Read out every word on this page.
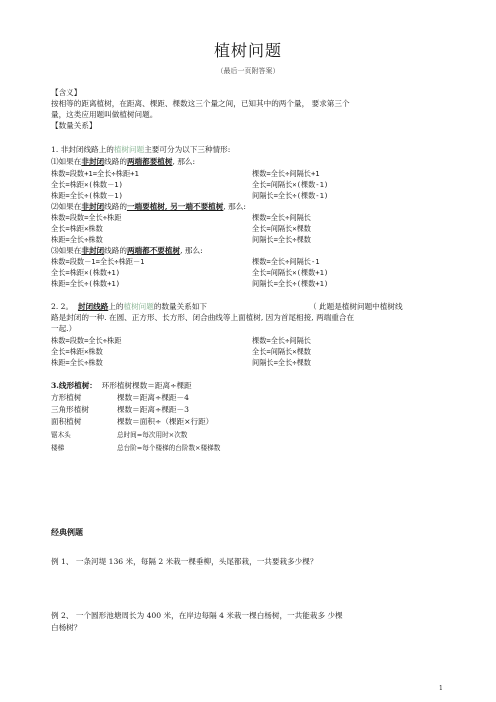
植树问题
（最后一页附答案）
【含义】
按相等的距离植树，在距离、棵距、棵数这三个量之间，已知其中的两个量， 要求第三个
量，这类应用题叫做植树问题。
【数量关系】
1. 非封闭线路上的植树问题主要可分为以下三种情形:
⑴如果在非封闭线路的两端都要植树, 那么:
株数=段数+1=全长÷株距+1	棵数=全长÷间隔长+1
全长=株距×(株数－1)	全长=间隔长×(棵数-1)
株距=全长÷(株数－1)	间隔长=全长÷(棵数-1)
⑵如果在非封闭线路的一端要植树, 另一端不要植树, 那么:
株数=段数=全长÷株距	棵数=全长÷间隔长
全长=株距×株数	全长=间隔长×棵数
株距=全长÷株数	间隔长=全长÷棵数
⑶如果在非封闭线路的两端都不要植树, 那么:
株数=段数－1=全长÷株距－1	棵数=全长÷间隔长-1
全长=株距×(株数+1)	全长=间隔长×(棵数+1)
株距=全长÷(株数+1)	间隔长=全长÷(棵数+1)
2. 2。 封闭线路上的植树问题的数量关系如下	（ 此题是植树问题中植树线
路是封闭的一种. 在圆、正方形、长方形、闭合曲线等上面植树, 因为首尾相接, 两端重合在
一起.）
株数=段数=全长÷株距	棵数=全长÷间隔长
全长=株距×株数	全长=间隔长×棵数
株距=全长÷株数	间隔长=全长÷棵数
3.线形植树： 环形植树棵数＝距离÷棵距
方形植树	棵数＝距离÷棵距－4
三角形植树	棵数＝距离÷棵距－3
面积植树	棵数＝面积÷（棵距×行距）
锯木头	总时间=每次用时×次数
楼梯	总台阶=每个楼梯的台阶数×楼梯数
经典例题
例 1、 一条河堤 136 米，每隔 2 米栽一棵垂柳，头尾都栽，一共要栽多少棵？
例 2、 一个圆形池塘周长为 400 米，在岸边每隔 4 米栽一棵白杨树，一共能栽多 少棵
白杨树？
1
